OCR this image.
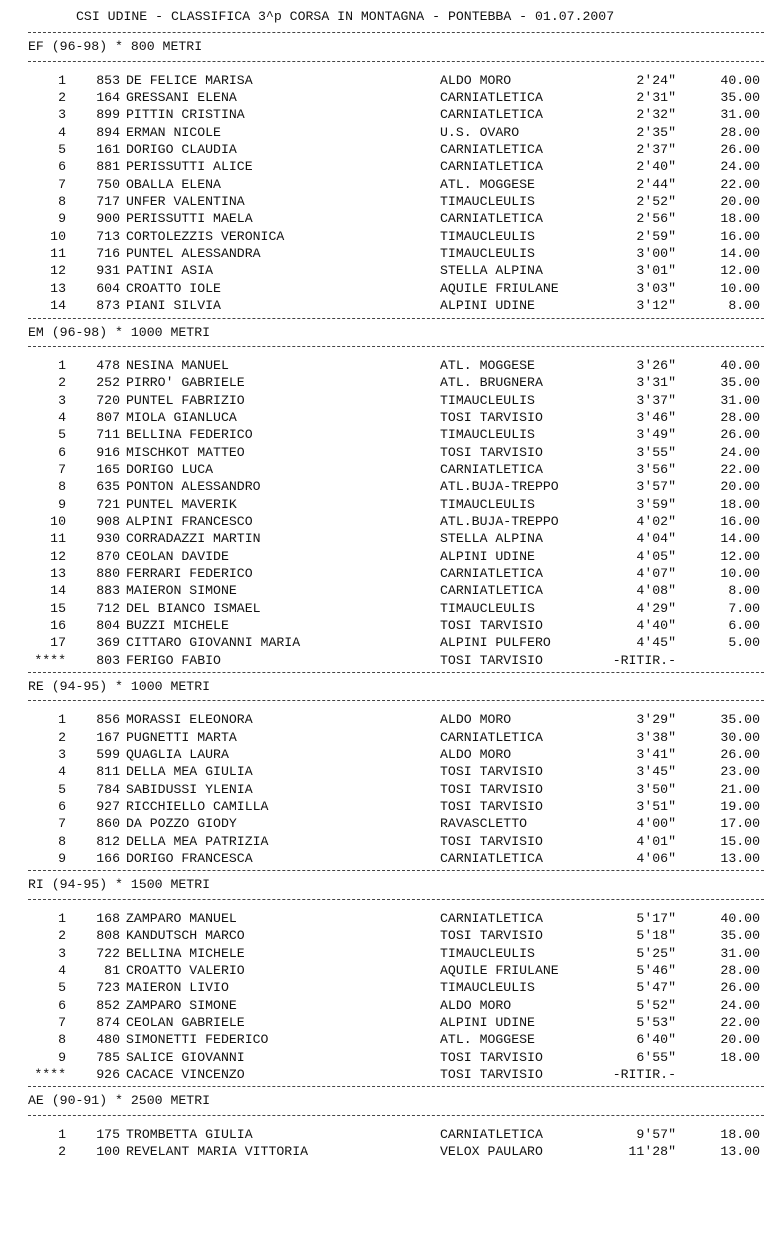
CSI UDINE - CLASSIFICA 3^p CORSA IN MONTAGNA - PONTEBBA - 01.07.2007

EF (96-98) * 800 METRI
1	853 DE FELICE MARISA	ALDO MORO	2'24"	40.00
2	164 GRESSANI ELENA	CARNIATLETICA	2'31"	35.00
3	899 PITTIN CRISTINA	CARNIATLETICA	2'32"	31.00
4	894 ERMAN NICOLE	U.S. OVARO	2'35"	28.00
5	161 DORIGO CLAUDIA	CARNIATLETICA	2'37"	26.00
6	881 PERISSUTTI ALICE	CARNIATLETICA	2'40"	24.00
7	750 OBALLA ELENA	ATL. MOGGESE	2'44"	22.00
8	717 UNFER VALENTINA	TIMAUCLEULIS	2'52"	20.00
9	900 PERISSUTTI MAELA	CARNIATLETICA	2'56"	18.00
10	713 CORTOLEZZIS VERONICA	TIMAUCLEULIS	2'59"	16.00
11	716 PUNTEL ALESSANDRA	TIMAUCLEULIS	3'00"	14.00
12	931 PATINI ASIA	STELLA ALPINA	3'01"	12.00
13	604 CROATTO IOLE	AQUILE FRIULANE	3'03"	10.00
14	873 PIANI SILVIA	ALPINI UDINE	3'12"	8.00
EM (96-98) * 1000 METRI
1	478 NESINA MANUEL	ATL. MOGGESE	3'26"	40.00
2	252 PIRRO' GABRIELE	ATL. BRUGNERA	3'31"	35.00
3	720 PUNTEL FABRIZIO	TIMAUCLEULIS	3'37"	31.00
4	807 MIOLA GIANLUCA	TOSI TARVISIO	3'46"	28.00
5	711 BELLINA FEDERICO	TIMAUCLEULIS	3'49"	26.00
6	916 MISCHKOT MATTEO	TOSI TARVISIO	3'55"	24.00
7	165 DORIGO LUCA	CARNIATLETICA	3'56"	22.00
8	635 PONTON ALESSANDRO	ATL.BUJA-TREPPO	3'57"	20.00
9	721 PUNTEL MAVERIK	TIMAUCLEULIS	3'59"	18.00
10	908 ALPINI FRANCESCO	ATL.BUJA-TREPPO	4'02"	16.00
11	930 CORRADAZZI MARTIN	STELLA ALPINA	4'04"	14.00
12	870 CEOLAN DAVIDE	ALPINI UDINE	4'05"	12.00
13	880 FERRARI FEDERICO	CARNIATLETICA	4'07"	10.00
14	883 MAIERON SIMONE	CARNIATLETICA	4'08"	8.00
15	712 DEL BIANCO ISMAEL	TIMAUCLEULIS	4'29"	7.00
16	804 BUZZI MICHELE	TOSI TARVISIO	4'40"	6.00
17	369 CITTARO GIOVANNI MARIA	ALPINI PULFERO	4'45"	5.00
****	803 FERIGO FABIO	TOSI TARVISIO	-RITIR.-
RE (94-95) * 1000 METRI
1	856 MORASSI ELEONORA	ALDO MORO	3'29"	35.00
2	167 PUGNETTI MARTA	CARNIATLETICA	3'38"	30.00
3	599 QUAGLIA LAURA	ALDO MORO	3'41"	26.00
4	811 DELLA MEA GIULIA	TOSI TARVISIO	3'45"	23.00
5	784 SABIDUSSI YLENIA	TOSI TARVISIO	3'50"	21.00
6	927 RICCHIELLO CAMILLA	TOSI TARVISIO	3'51"	19.00
7	860 DA POZZO GIODY	RAVASCLETTO	4'00"	17.00
8	812 DELLA MEA PATRIZIA	TOSI TARVISIO	4'01"	15.00
9	166 DORIGO FRANCESCA	CARNIATLETICA	4'06"	13.00
RI (94-95) * 1500 METRI
1	168 ZAMPARO MANUEL	CARNIATLETICA	5'17"	40.00
2	808 KANDUTSCH MARCO	TOSI TARVISIO	5'18"	35.00
3	722 BELLINA MICHELE	TIMAUCLEULIS	5'25"	31.00
4	81 CROATTO VALERIO	AQUILE FRIULANE	5'46"	28.00
5	723 MAIERON LIVIO	TIMAUCLEULIS	5'47"	26.00
6	852 ZAMPARO SIMONE	ALDO MORO	5'52"	24.00
7	874 CEOLAN GABRIELE	ALPINI UDINE	5'53"	22.00
8	480 SIMONETTI FEDERICO	ATL. MOGGESE	6'40"	20.00
9	785 SALICE GIOVANNI	TOSI TARVISIO	6'55"	18.00
****	926 CACACE VINCENZO	TOSI TARVISIO	-RITIR.-
AE (90-91) * 2500 METRI
1	175 TROMBETTA GIULIA	CARNIATLETICA	9'57"	18.00
2	100 REVELANT MARIA VITTORIA	VELOX PAULARO	11'28"	13.00
